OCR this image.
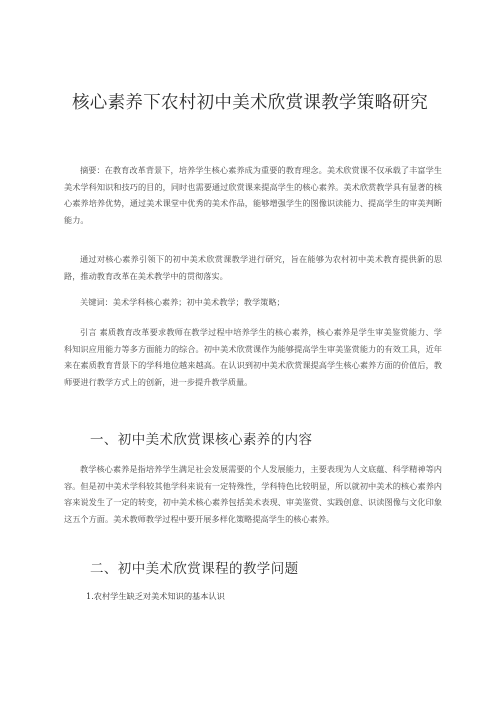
核心素养下农村初中美术欣赏课教学策略研究

摘要：在教育改革背景下，培养学生核心素养成为重要的教育理念。美术欣赏课不仅承载了丰富学生美术学科知识和技巧的目的，同时也需要通过欣赏课来提高学生的核心素养。美术欣赏教学具有显著的核心素养培养优势，通过美术课堂中优秀的美术作品，能够增强学生的图像识读能力、提高学生的审美判断能力。

通过对核心素养引领下的初中美术欣赏课教学进行研究，旨在能够为农村初中美术教育提供新的思路，推动教育改革在美术教学中的贯彻落实。

关键词：美术学科核心素养；初中美术教学；教学策略；

引言 素质教育改革要求教师在教学过程中培养学生的核心素养，核心素养是学生审美鉴赏能力、学科知识应用能力等多方面能力的综合。初中美术欣赏课作为能够提高学生审美鉴赏能力的有效工具，近年来在素质教育背景下的学科地位越来越高。在认识到初中美术欣赏课提高学生核心素养方面的价值后，教师要进行教学方式上的创新，进一步提升教学质量。

一、初中美术欣赏课核心素养的内容

教学核心素养是指培养学生满足社会发展需要的个人发展能力，主要表现为人文底蕴、科学精神等内容。但是初中美术学科较其他学科来说有一定特殊性，学科特色比较明显，所以就初中美术的核心素养内容来说发生了一定的转变，初中美术核心素养包括美术表现、审美鉴赏、实践创意、识读图像与文化印象这五个方面。美术教师教学过程中要开展多样化策略提高学生的核心素养。

二、初中美术欣赏课程的教学问题

1.农村学生缺乏对美术知识的基本认识
